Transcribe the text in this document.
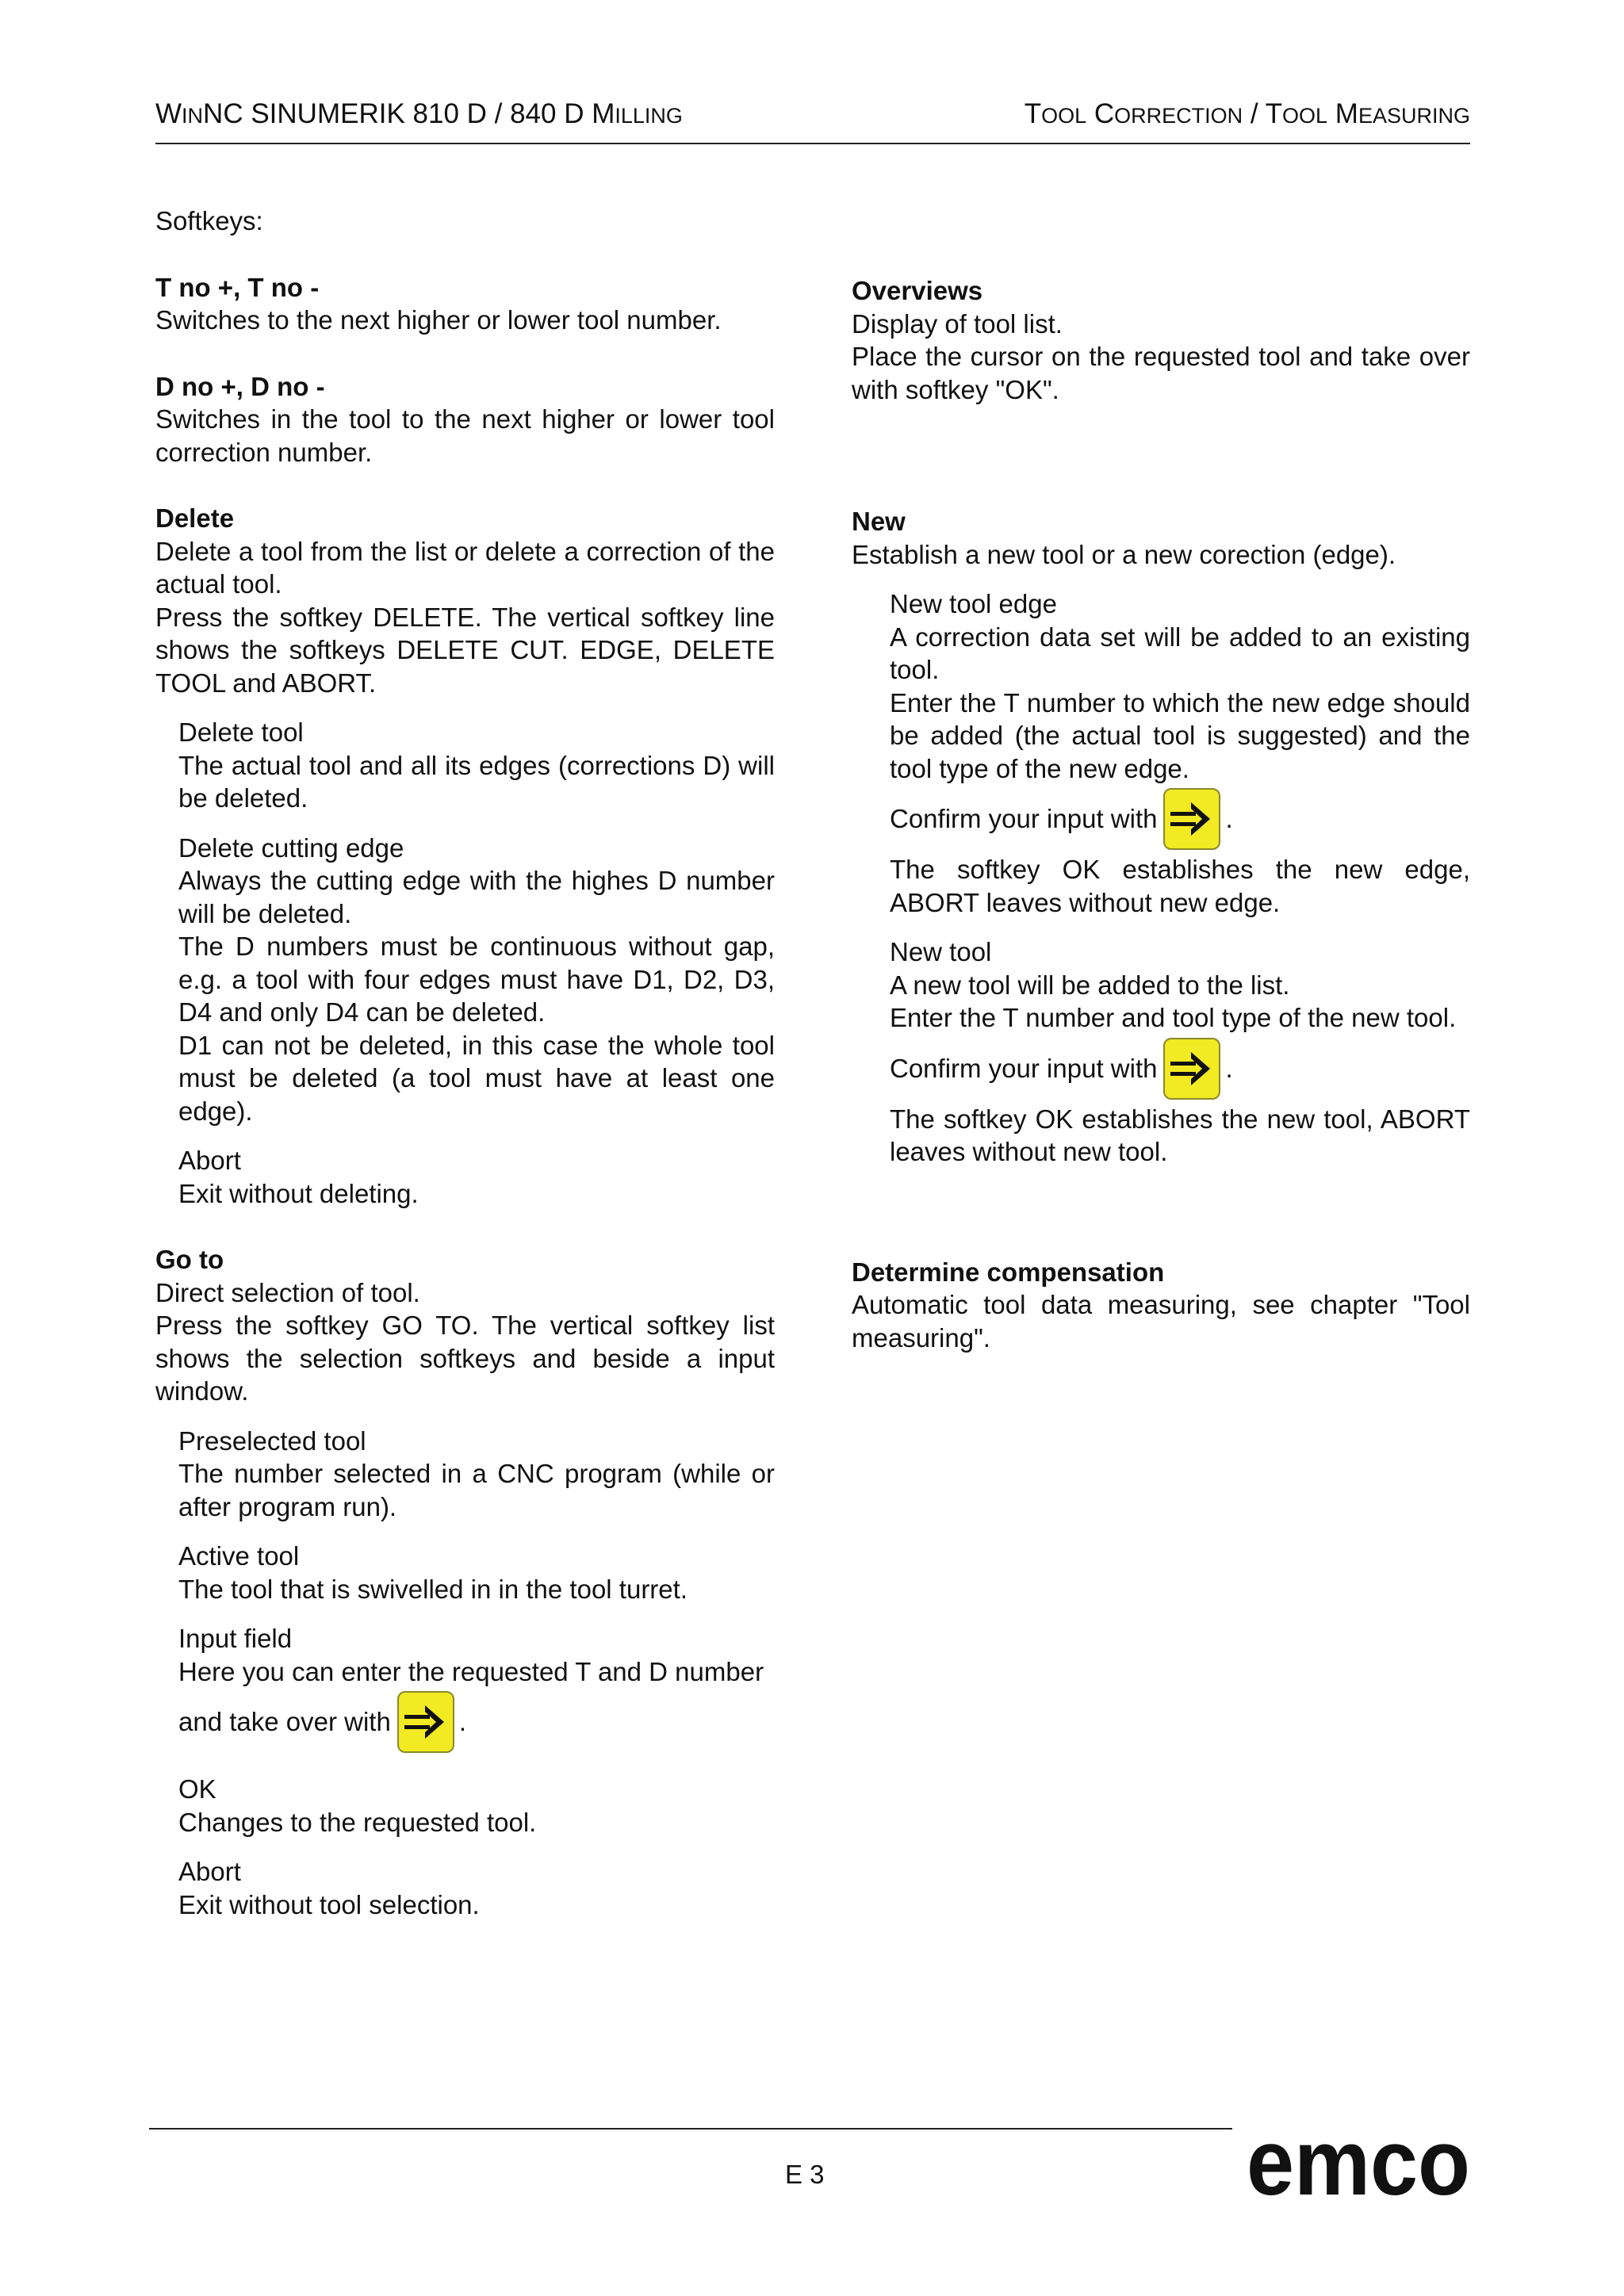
WINNC SINUMERIK 810 D / 840 D MILLING	TOOL CORRECTION / TOOL MEASURING

Softkeys:

T no +, T no -

Switches to the next higher or lower tool number.

D no +, D no -

Switches in the tool to the next higher or lower tool correction number.

Delete

Delete a tool from the list or delete a correction of the actual tool.

Press the softkey DELETE. The vertical softkey line shows the softkeys DELETE CUT. EDGE, DELETE TOOL and ABORT.

Delete tool

The actual tool and all its edges (corrections D) will be deleted.

Delete cutting edge

Always the cutting edge with the highes D number will be deleted.

The D numbers must be continuous without gap, e.g. a tool with four edges must have D1, D2, D3, D4 and only D4 can be deleted.

D1 can not be deleted, in this case the whole tool must be deleted (a tool must have at least one edge).

Abort

Exit without deleting.

Go to

Direct selection of tool.

Press the softkey GO TO. The vertical softkey list shows the selection softkeys and beside a input window.

Preselected tool

The number selected in a CNC program (while or after program run).

Active tool

The tool that is swivelled in in the tool turret.

Input field

Here you can enter the requested T and D number

and take over with	.

OK

Changes to the requested tool.

Abort

Exit without tool selection.

Overviews

Display of tool list.

Place the cursor on the requested tool and take over with softkey "OK".

New

Establish a new tool or a new corection (edge).

New tool edge

A correction data set will be added to an existing tool.

Enter the T number to which the new edge should be added (the actual tool is suggested) and the tool type of the new edge.

Confirm your input with	.

The softkey OK establishes the new edge, ABORT leaves without new edge.

New tool

A new tool will be added to the list.

Enter the T number and tool type of the new tool.

Confirm your input with	.

The softkey OK establishes the new tool, ABORT leaves without new tool.

Determine compensation

Automatic tool data measuring, see chapter "Tool measuring".

E 3	emco
